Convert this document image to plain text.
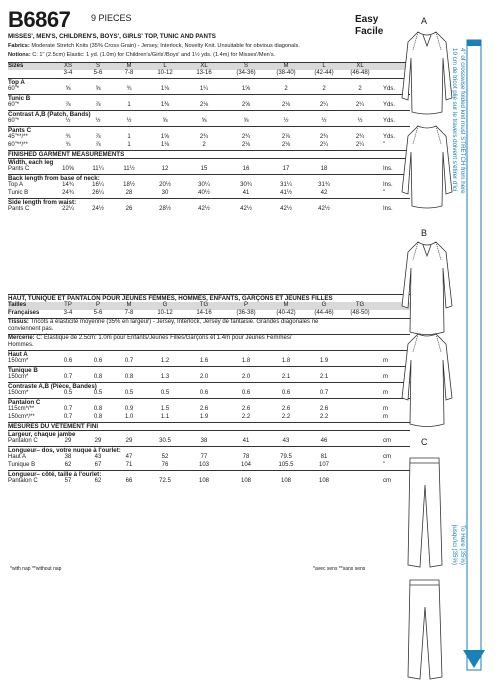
B6867 9 PIECES	Easy
Facile
MISSES', MEN'S, CHILDREN'S, BOYS', GIRLS' TOP, TUNIC AND PANTS
Fabrics: Moderate Stretch Knits (35% Cross Grain) - Jersey, Interlock, Novelty Knit. Unsuitable for obvious diagonals.
Notions: C: 1" (2.5cm) Elastic: 1 yd. (1.0m) for Children's/Girls'/Boys' and 1½ yds. (1.4m) for Misses'/Men's.
Sizes	XS	S	M	L	XL	S	M	L	XL
3-4	5-6	7-8	10-12	13-16	(34-36)	(38-40)	(42-44)	(46-48)
Top A
60"*	⅝	⅝	¾	1⅛	1¼	1⅝	2	2	2	Yds.
Tunic B
60"*	⅞	⅞	1	1⅜	2⅛	2⅝	2⅛	2¼	2¼	Yds.
Contrast A,B (Patch, Bands)
60"*	½	½	½	⅝	⅝	⅝	½	½	½	Yds.
Pants C
45"**/**	¾	⅞	1	1⅝	2¾	2¾	2⅞	2¾	2¾	Yds.
60"**/**	¾	⅞	1	1⅛	2	2⅛	2⅛	2¼	2¼	"
FINISHED GARMENT MEASUREMENTS
Width, each leg
Pants C	10⅝	11¼	11½	12	15	16	17	18	Ins.
Back length from base of neck:
Top A	14¾	16¼	18½	20½	30¼	30¾	31¼	31¾	Ins.
Tunic B	24¾	26¼	28	30	40½	41	41½	42	"
Side length from waist:
Pants C	22¼	24½	26	28½	42½	42½	42½	42½	Ins.
HAUT, TUNIQUE ET PANTALON POUR JEUNES FEMMES, HOMMES, ENFANTS, GARÇONS ET JEUNES FILLES
Tailles	TP	P	M	G	TG	P	M	G	TG
Françaises	3-4	5-6	7-8	10-12	14-16	(36-38)	(40-42)	(44-46)	(48-50)
Tissus: Tricots à élasticité moyenne (35% en largeur) - Jersey, Interlock, Jersey de fantaisie. Grandes diagonales ne
conviennent pas.
Mercerie: C: Élastique de 2.5cm: 1.0m pour Enfants/Jeunes Filles/Garçons et 1.4m pour Jeunes Femmes/
Hommes.
Haut A
150cm*	0.6	0.6	0.7	1.2	1.6	1.8	1.8	1.9	m
Tunique B
150cm*	0.7	0.8	0.8	1.3	2.0	2.0	2.1	2.1	m
Contraste A,B (Pièce, Bandes)
150cm*	0.5	0.5	0.5	0.5	0.6	0.6	0.6	0.7	m
Pantalon C
115cm*/**	0.7	0.8	0.9	1.5	2.6	2.6	2.6	2.6	m
150cm*/**	0.7	0.8	1.0	1.1	1.9	2.2	2.2	2.2	m
MESURES DU VÊTEMENT FINI
Largeur, chaque jambe
Pantalon C	29	29	29	30.5	38	41	43	46	cm
Longueur– dos, votre nuque à l'ourlet:
Haut A	38	43	47	52	77	78	79.5	81	cm
Tunique B	62	67	71	76	103	104	105.5	107	"
Longueur– côté, taille à l'ourlet:
Pantalon C	57	62	66	72.5	108	108	108	108	cm
*with nap **without nap	*avec sens **sans sens
A
B
C
4" of crosswise folded knit must STRETCH from here
10 cm de tricot plié sur le travers doivent s'étirer d'ici
To Here (35%)
jusqu'ici (35%)
